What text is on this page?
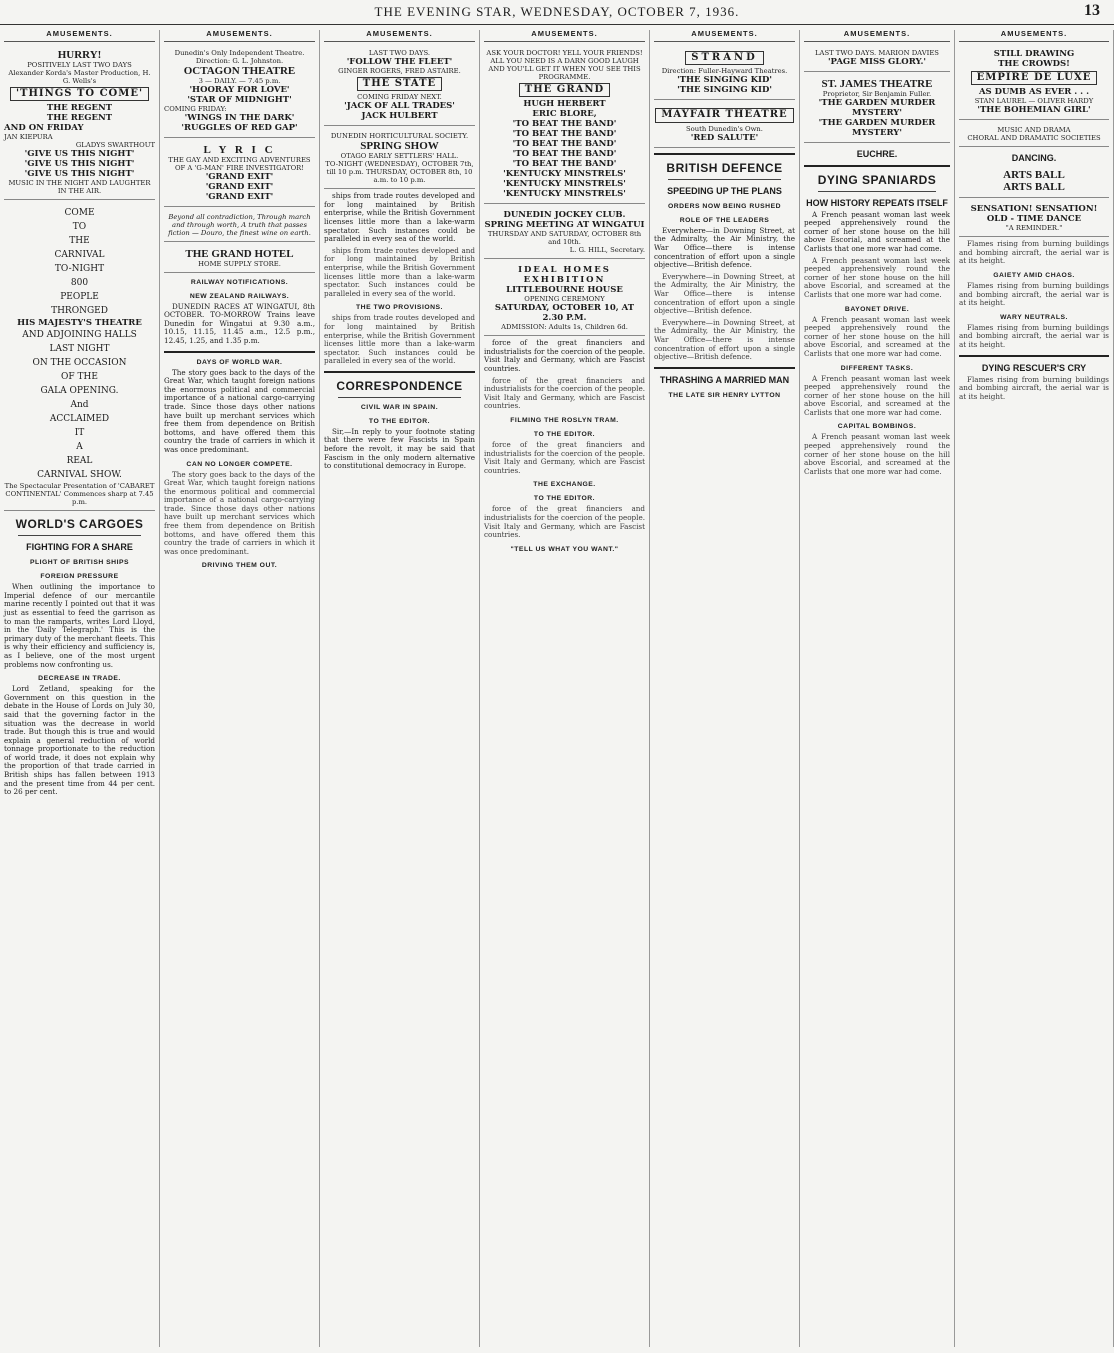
THE EVENING STAR, WEDNESDAY, OCTOBER 7, 1936.	13
AMUSEMENTS.
HURRY!
POSITIVELY LAST TWO DAYS
Alexander Korda's Master Production, H. G. Wells's
'THINGS TO COME'
THE REGENT
THE REGENT
AND ON FRIDAY
JAN KIEPURA
GLADYS SWARTHOUT
'GIVE US THIS NIGHT'
'GIVE US THIS NIGHT'
'GIVE US THIS NIGHT'
MUSIC IN THE NIGHT AND LAUGHTER IN THE AIR.
COME
TO
THE
CARNIVAL
TO-NIGHT
800
PEOPLE
THRONGED
HIS MAJESTY'S THEATRE
AND ADJOINING HALLS
LAST NIGHT
ON THE OCCASION
OF THE
GALA OPENING.
And
ACCLAIMED
IT
A
REAL
CARNIVAL SHOW.
The Spectacular Presentation of 'CABARET CONTINENTAL' Commences sharp at 7.45 p.m.
WORLD'S CARGOES
FIGHTING FOR A SHARE
PLIGHT OF BRITISH SHIPS
FOREIGN PRESSURE

When outlining the importance to Imperial defence of our mercantile marine recently I pointed out that it was just as essential to feed the garrison as to man the ramparts, writes Lord Lloyd, in the 'Daily Telegraph.' This is the primary duty of the merchant fleets. This is why their efficiency and sufficiency is, as I believe, one of the most urgent problems now confronting us.

DECREASE IN TRADE.

Lord Zetland, speaking for the Government on this question in the debate in the House of Lords on July 30, said that the governing factor in the situation was the decrease in world trade. But though this is true and would explain a general reduction of world tonnage proportionate to the reduction of world trade, it does not explain why the proportion of that trade carried in British ships has fallen between 1913 and the present time from 44 per cent. to 26 per cent.

AMUSEMENTS.
Dunedin's Only Independent Theatre.
Direction: G. L. Johnston.
OCTAGON THEATRE
3 — DAILY. — 7.45 p.m.
'HOORAY FOR LOVE'
'STAR OF MIDNIGHT'
COMING FRIDAY:
'WINGS IN THE DARK'
'RUGGLES OF RED GAP'
L Y R I C
THE GAY AND EXCITING ADVENTURES OF A 'G-MAN' FIRE INVESTIGATOR!
'GRAND EXIT'
'GRAND EXIT'
'GRAND EXIT'
Beyond all contradiction, Through march and through worth, A truth that passes fiction — Douro, the finest wine on earth.
THE GRAND HOTEL
HOME SUPPLY STORE.
RAILWAY NOTIFICATIONS.
NEW ZEALAND RAILWAYS.

DUNEDIN RACES AT WINGATUI, 8th OCTOBER. TO-MORROW Trains leave Dunedin for Wingatui at 9.30 a.m., 10.15, 11.15, 11.45 a.m., 12.5 p.m., 12.45, 1.25, and 1.35 p.m.

DAYS OF WORLD WAR.

The story goes back to the days of the Great War, which taught foreign nations the enormous political and commercial importance of a national cargo-carrying trade. Since those days other nations have built up merchant services which free them from dependence on British bottoms, and have offered them this country the trade of carriers in which it was once predominant.

CAN NO LONGER COMPETE.

The story goes back to the days of the Great War, which taught foreign nations the enormous political and commercial importance of a national cargo-carrying trade. Since those days other nations have built up merchant services which free them from dependence on British bottoms, and have offered them this country the trade of carriers in which it was once predominant.

DRIVING THEM OUT.
AMUSEMENTS.
LAST TWO DAYS.
'FOLLOW THE FLEET'
GINGER ROGERS, FRED ASTAIRE.
THE STATE
COMING FRIDAY NEXT.
'JACK OF ALL TRADES'
JACK HULBERT
DUNEDIN HORTICULTURAL SOCIETY.
SPRING SHOW
OTAGO EARLY SETTLERS' HALL.
TO-NIGHT (WEDNESDAY), OCTOBER 7th, till 10 p.m. THURSDAY, OCTOBER 8th, 10 a.m. to 10 p.m.

ships from trade routes developed and for long maintained by British enterprise, while the British Government licenses little more than a lake-warm spectator. Such instances could be paralleled in every sea of the world.

ships from trade routes developed and for long maintained by British enterprise, while the British Government licenses little more than a lake-warm spectator. Such instances could be paralleled in every sea of the world.

THE TWO PROVISIONS.

ships from trade routes developed and for long maintained by British enterprise, while the British Government licenses little more than a lake-warm spectator. Such instances could be paralleled in every sea of the world.

CORRESPONDENCE
CIVIL WAR IN SPAIN.
TO THE EDITOR.

Sir,—In reply to your footnote stating that there were few Fascists in Spain before the revolt, it may be said that Fascism in the only modern alternative to constitutional democracy in Europe.

AMUSEMENTS.
ASK YOUR DOCTOR! YELL YOUR FRIENDS! ALL YOU NEED IS A DARN GOOD LAUGH AND YOU'LL GET IT WHEN YOU SEE THIS PROGRAMME.
THE GRAND
HUGH HERBERT
ERIC BLORE,
'TO BEAT THE BAND'
'TO BEAT THE BAND'
'TO BEAT THE BAND'
'TO BEAT THE BAND'
'TO BEAT THE BAND'
'KENTUCKY MINSTRELS'
'KENTUCKY MINSTRELS'
'KENTUCKY MINSTRELS'
DUNEDIN JOCKEY CLUB.
SPRING MEETING AT WINGATUI
THURSDAY AND SATURDAY, OCTOBER 8th and 10th.
L. G. HILL, Secretary.
IDEAL HOMES EXHIBITION
LITTLEBOURNE HOUSE
OPENING CEREMONY
SATURDAY, OCTOBER 10, AT 2.30 P.M.
ADMISSION: Adults 1s, Children 6d.

force of the great financiers and industrialists for the coercion of the people. Visit Italy and Germany, which are Fascist countries.

force of the great financiers and industrialists for the coercion of the people. Visit Italy and Germany, which are Fascist countries.

FILMING THE ROSLYN TRAM.
TO THE EDITOR.

force of the great financiers and industrialists for the coercion of the people. Visit Italy and Germany, which are Fascist countries.

THE EXCHANGE.
TO THE EDITOR.

force of the great financiers and industrialists for the coercion of the people. Visit Italy and Germany, which are Fascist countries.

"TELL US WHAT YOU WANT."
AMUSEMENTS.
STRAND
Direction: Fuller-Hayward Theatres.
'THE SINGING KID'
'THE SINGING KID'
MAYFAIR THEATRE
South Dunedin's Own.
'RED SALUTE'
BRITISH DEFENCE
SPEEDING UP THE PLANS
ORDERS NOW BEING RUSHED
ROLE OF THE LEADERS

Everywhere—in Downing Street, at the Admiralty, the Air Ministry, the War Office—there is intense concentration of effort upon a single objective—British defence.

Everywhere—in Downing Street, at the Admiralty, the Air Ministry, the War Office—there is intense concentration of effort upon a single objective—British defence.

Everywhere—in Downing Street, at the Admiralty, the Air Ministry, the War Office—there is intense concentration of effort upon a single objective—British defence.

THRASHING A MARRIED MAN
THE LATE SIR HENRY LYTTON
AMUSEMENTS.
LAST TWO DAYS. MARION DAVIES
'PAGE MISS GLORY.'
ST. JAMES THEATRE
Proprietor, Sir Benjamin Fuller.
'THE GARDEN MURDER MYSTERY'
'THE GARDEN MURDER MYSTERY'
EUCHRE.
DYING SPANIARDS
HOW HISTORY REPEATS ITSELF

A French peasant woman last week peeped apprehensively round the corner of her stone house on the hill above Escorial, and screamed at the Carlists that one more war had come.

A French peasant woman last week peeped apprehensively round the corner of her stone house on the hill above Escorial, and screamed at the Carlists that one more war had come.

BAYONET DRIVE.

A French peasant woman last week peeped apprehensively round the corner of her stone house on the hill above Escorial, and screamed at the Carlists that one more war had come.

DIFFERENT TASKS.

A French peasant woman last week peeped apprehensively round the corner of her stone house on the hill above Escorial, and screamed at the Carlists that one more war had come.

CAPITAL BOMBINGS.

A French peasant woman last week peeped apprehensively round the corner of her stone house on the hill above Escorial, and screamed at the Carlists that one more war had come.

AMUSEMENTS.
STILL DRAWING
THE CROWDS!
EMPIRE DE LUXE
AS DUMB AS EVER . . .
STAN LAUREL — OLIVER HARDY
'THE BOHEMIAN GIRL'
MUSIC AND DRAMA
CHORAL AND DRAMATIC SOCIETIES
DANCING.
ARTS BALL
ARTS BALL
SENSATION! SENSATION!
OLD - TIME DANCE
"A REMINDER."

Flames rising from burning buildings and bombing aircraft, the aerial war is at its height.

GAIETY AMID CHAOS.

Flames rising from burning buildings and bombing aircraft, the aerial war is at its height.

WARY NEUTRALS.

Flames rising from burning buildings and bombing aircraft, the aerial war is at its height.

DYING RESCUER'S CRY

Flames rising from burning buildings and bombing aircraft, the aerial war is at its height.
